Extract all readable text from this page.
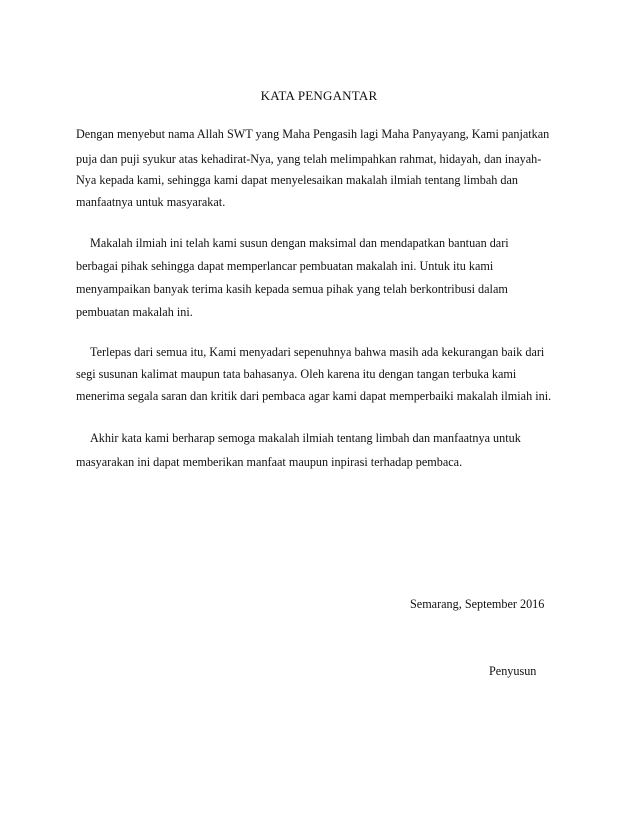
KATA PENGANTAR
Dengan menyebut nama Allah SWT yang Maha Pengasih lagi Maha Panyayang, Kami panjatkan
puja dan puji syukur atas kehadirat-Nya, yang telah melimpahkan rahmat, hidayah, dan inayah-
Nya kepada kami, sehingga kami dapat menyelesaikan makalah ilmiah tentang limbah dan
manfaatnya untuk masyarakat.
Makalah ilmiah ini telah kami susun dengan maksimal dan mendapatkan bantuan dari
berbagai pihak sehingga dapat memperlancar pembuatan makalah ini. Untuk itu kami
menyampaikan banyak terima kasih kepada semua pihak yang telah berkontribusi dalam
pembuatan makalah ini.
Terlepas dari semua itu, Kami menyadari sepenuhnya bahwa masih ada kekurangan baik dari
segi susunan kalimat maupun tata bahasanya. Oleh karena itu dengan tangan terbuka kami
menerima segala saran dan kritik dari pembaca agar kami dapat memperbaiki makalah ilmiah ini.
Akhir kata kami berharap semoga makalah ilmiah tentang limbah dan manfaatnya untuk
masyarakan ini dapat memberikan manfaat maupun inpirasi terhadap pembaca.
Semarang, September 2016
Penyusun
